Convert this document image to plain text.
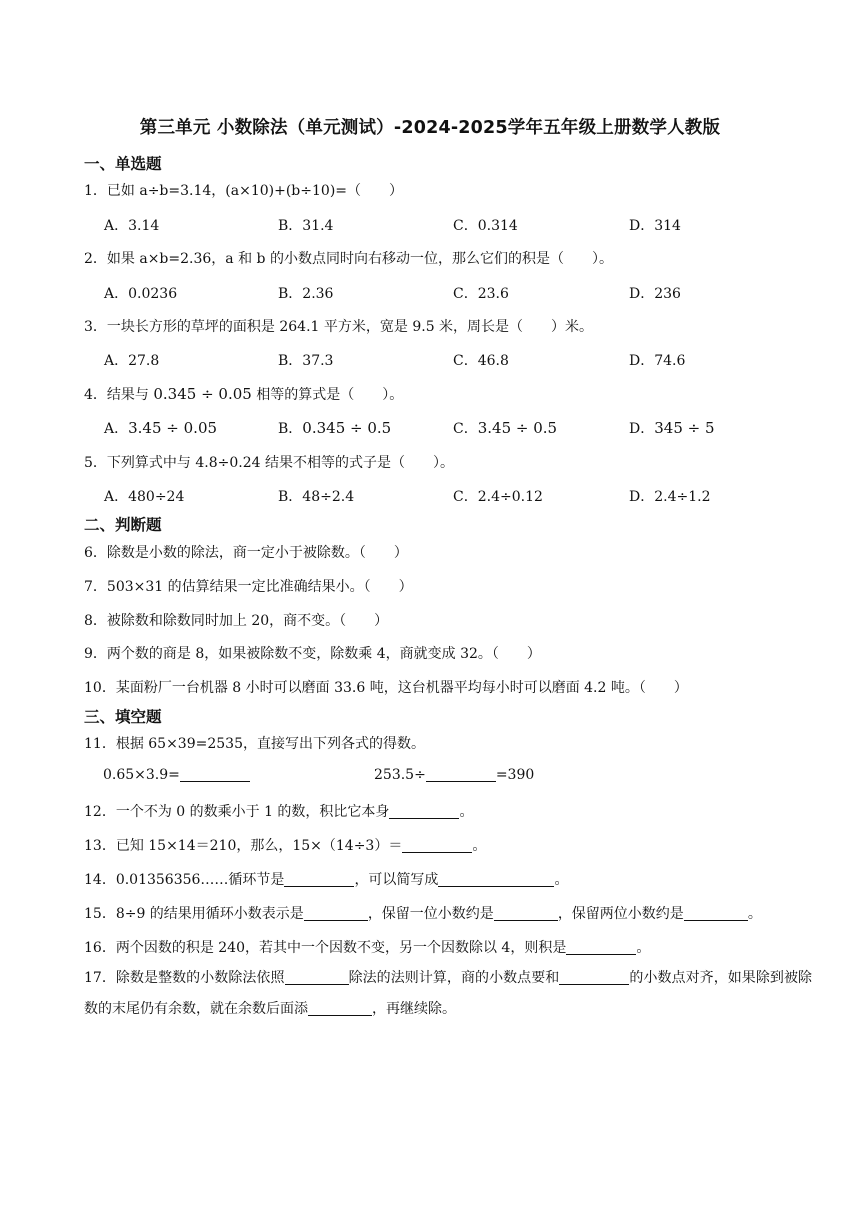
第三单元 小数除法（单元测试）-2024-2025学年五年级上册数学人教版
一、单选题
1．已如 a÷b=3.14，(a×10)+(b÷10)=（　　）
A．3.14	B．31.4	C．0.314	D．314
2．如果 a×b=2.36，a 和 b 的小数点同时向右移动一位，那么它们的积是（　　）。
A．0.0236	B．2.36	C．23.6	D．236
3．一块长方形的草坪的面积是 264.1 平方米，宽是 9.5 米，周长是（　　）米。
A．27.8	B．37.3	C．46.8	D．74.6
4．结果与 0.345 ÷ 0.05 相等的算式是（　　）。
A．3.45 ÷ 0.05	B．0.345 ÷ 0.5	C．3.45 ÷ 0.5	D．345 ÷ 5
5．下列算式中与 4.8÷0.24 结果不相等的式子是（　　）。
A．480÷24	B．48÷2.4	C．2.4÷0.12	D．2.4÷1.2
二、判断题
6．除数是小数的除法，商一定小于被除数。（　　）
7．503×31 的估算结果一定比准确结果小。（　　）
8．被除数和除数同时加上 20，商不变。（　　）
9．两个数的商是 8，如果被除数不变，除数乘 4，商就变成 32。（　　）
10．某面粉厂一台机器 8 小时可以磨面 33.6 吨，这台机器平均每小时可以磨面 4.2 吨。（　　）
三、填空题
11．根据 65×39=2535，直接写出下列各式的得数。
0.65×3.9=	253.5÷	=390
12．一个不为 0 的数乘小于 1 的数，积比它本身	。
13．已知 15×14＝210，那么，15×（14÷3）＝	。
14．0.01356356……循环节是	，可以简写成	。
15．8÷9 的结果用循环小数表示是	，保留一位小数约是	，保留两位小数约是	。
16．两个因数的积是 240，若其中一个因数不变，另一个因数除以 4，则积是	。
17．除数是整数的小数除法依照	除法的法则计算，商的小数点要和	的小数点对齐，如果除到被除数的末尾仍有余数，就在余数后面添	，再继续除。
